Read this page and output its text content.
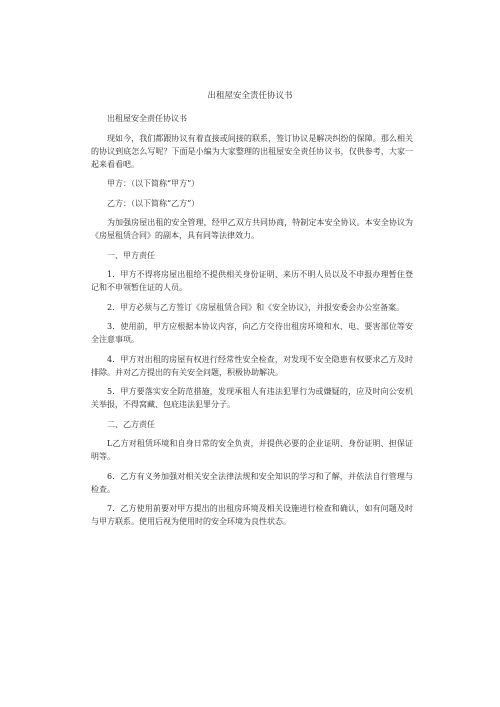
出租屋安全责任协议书

出租屋安全责任协议书

现如今，我们都跟协议有着直接或间接的联系，签订协议是解决纠纷的保障。那么相关的协议到底怎么写呢？下面是小编为大家整理的出租屋安全责任协议书，仅供参考，大家一起来看看吧。

甲方：（以下简称“甲方”）

乙方：（以下简称“乙方”）

为加强房屋出租的安全管理，经甲乙双方共同协商，特制定本安全协议。本安全协议为《房屋租赁合同》的副本，具有同等法律效力。

一、甲方责任

1．甲方不得将房屋出租给不提供相关身份证明、来历不明人员以及不申报办理暂住登记和不申领暂住证的人员。

2．甲方必须与乙方签订《房屋租赁合同》和《安全协议》，并报安委会办公室备案。

3．使用前，甲方应根据本协议内容，向乙方交待出租房环境和水、电、要害部位等安全注意事项。

4．甲方对出租的房屋有权进行经常性安全检查，对发现不安全隐患有权要求乙方及时排除。并对乙方提出的有关安全问题，积极协助解决。

5．甲方要落实安全防范措施，发现承租人有违法犯罪行为或嫌疑的，应及时向公安机关举报，不得窝藏、包庇违法犯罪分子。

二、乙方责任

L乙方对租赁环境和自身日常的安全负责，并提供必要的企业证明、身份证明、担保证明等。

6．乙方有义务加强对相关安全法律法规和安全知识的学习和了解，并依法自行管理与检查。

7．乙方使用前要对甲方提出的出租房环境及相关设施进行检查和确认，如有问题及时与甲方联系。使用后视为使用时的安全环境为良性状态。
